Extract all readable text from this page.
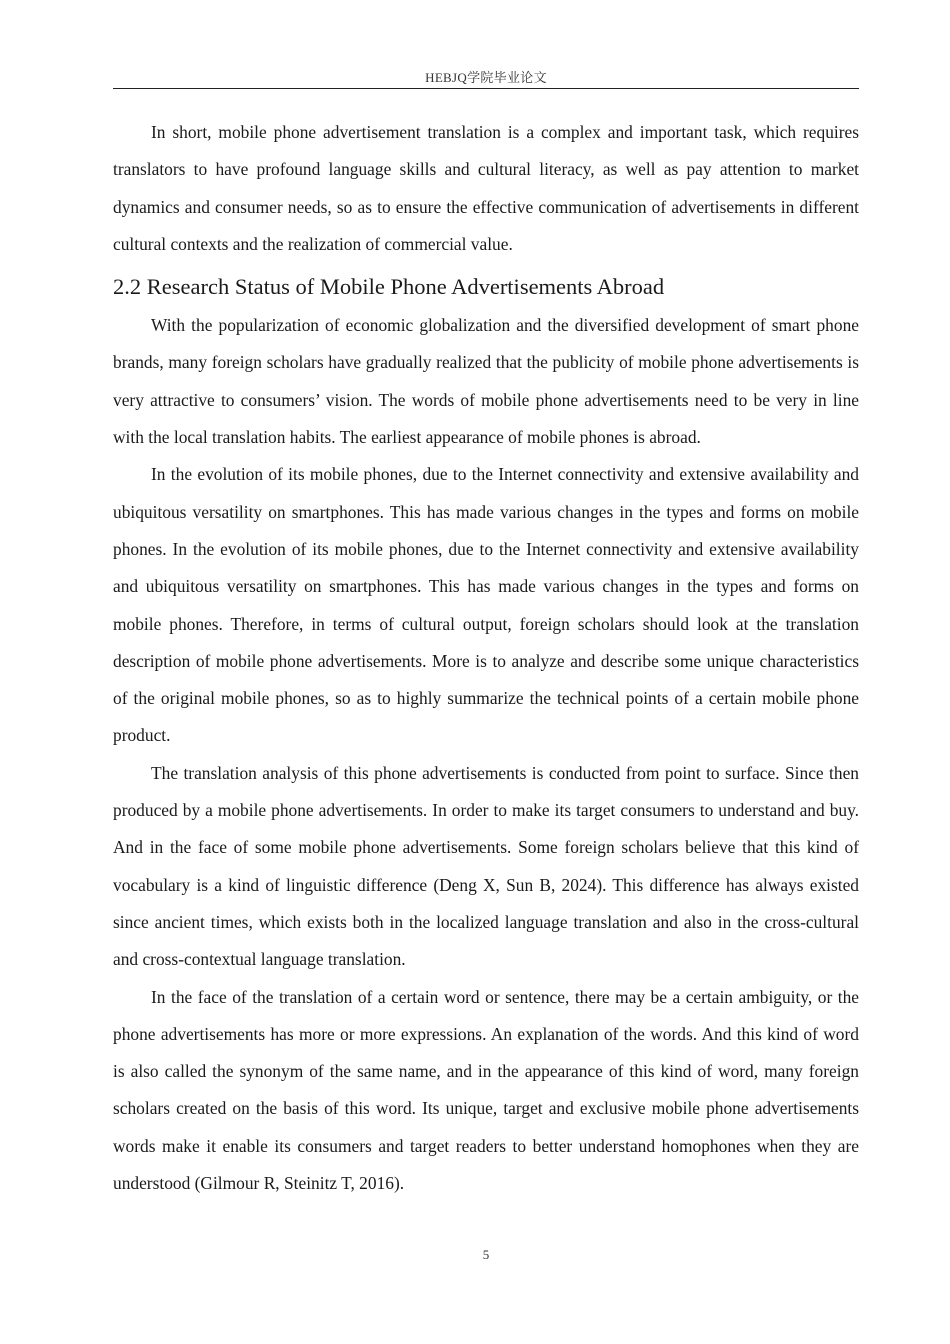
HEBJQ学院毕业论文

In short, mobile phone advertisement translation is a complex and important task, which requires translators to have profound language skills and cultural literacy, as well as pay attention to market dynamics and consumer needs, so as to ensure the effective communication of advertisements in different cultural contexts and the realization of commercial value.

2.2 Research Status of Mobile Phone Advertisements Abroad

With the popularization of economic globalization and the diversified development of smart phone brands, many foreign scholars have gradually realized that the publicity of mobile phone advertisements is very attractive to consumers’ vision. The words of mobile phone advertisements need to be very in line with the local translation habits. The earliest appearance of mobile phones is abroad.

In the evolution of its mobile phones, due to the Internet connectivity and extensive availability and ubiquitous versatility on smartphones. This has made various changes in the types and forms on mobile phones. In the evolution of its mobile phones, due to the Internet connectivity and extensive availability and ubiquitous versatility on smartphones. This has made various changes in the types and forms on mobile phones. Therefore, in terms of cultural output, foreign scholars should look at the translation description of mobile phone advertisements. More is to analyze and describe some unique characteristics of the original mobile phones, so as to highly summarize the technical points of a certain mobile phone product.

The translation analysis of this phone advertisements is conducted from point to surface. Since then produced by a mobile phone advertisements. In order to make its target consumers to understand and buy. And in the face of some mobile phone advertisements. Some foreign scholars believe that this kind of vocabulary is a kind of linguistic difference (Deng X, Sun B, 2024). This difference has always existed since ancient times, which exists both in the localized language translation and also in the cross-cultural and cross-contextual language translation.

In the face of the translation of a certain word or sentence, there may be a certain ambiguity, or the phone advertisements has more or more expressions. An explanation of the words. And this kind of word is also called the synonym of the same name, and in the appearance of this kind of word, many foreign scholars created on the basis of this word. Its unique, target and exclusive mobile phone advertisements words make it enable its consumers and target readers to better understand homophones when they are understood (Gilmour R, Steinitz T, 2016).

5
